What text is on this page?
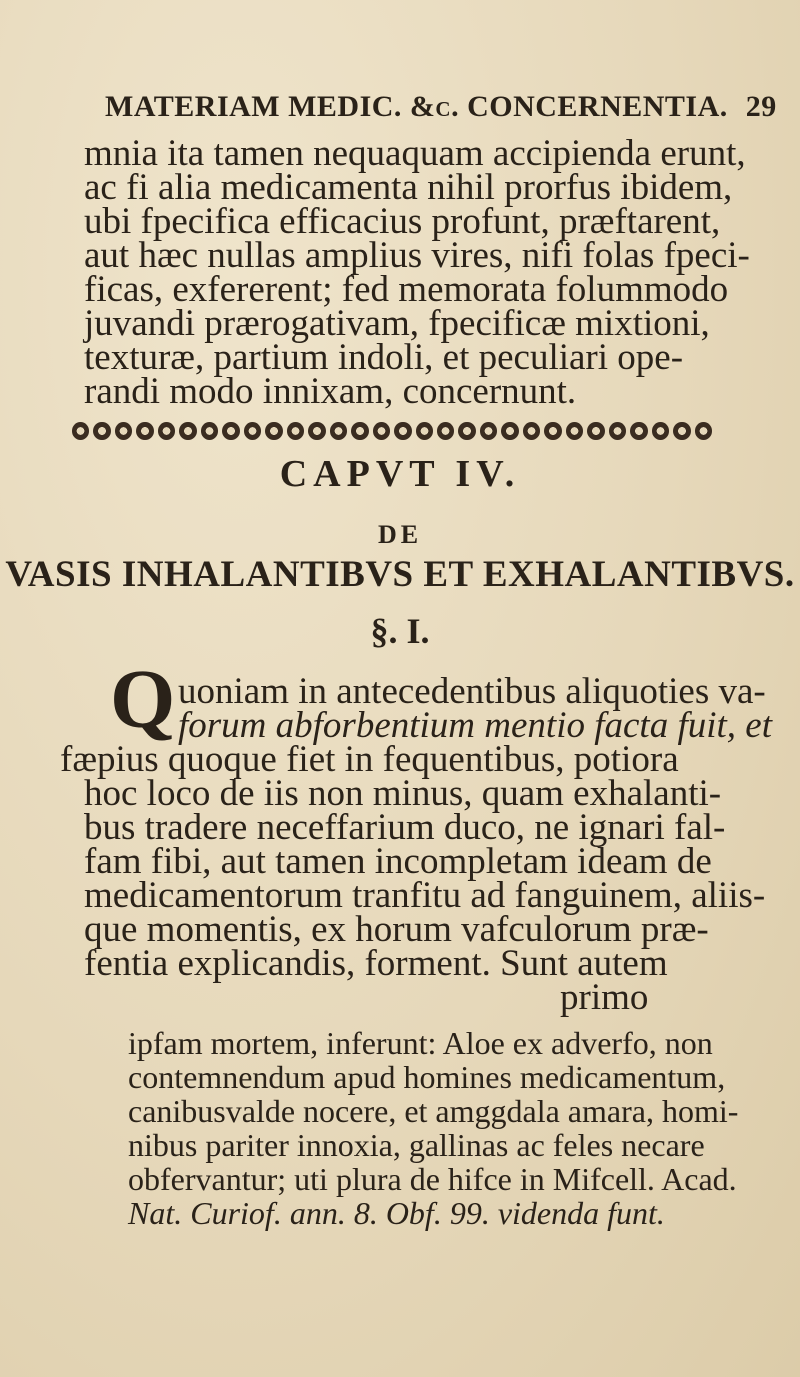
MATERIAM MEDIC. &c. CONCERNENTIA. 29
mnia ita tamen nequaquam accipienda erunt,
ac fi alia medicamenta nihil prorfus ibidem,
ubi fpecifica efficacius profunt, præftarent,
aut hæc nullas amplius vires, nifi folas fpeci-
ficas, exfererent; fed memorata folummodo
juvandi prærogativam, fpecificæ mixtioni,
texturæ, partium indoli, et peculiari ope-
randi modo innixam, concernunt.
CAPVT IV.
DE
VASIS INHALANTIBVS ET EXHALANTIBVS.
§. I.
Q uoniam in antecedentibus aliquoties va-
forum abforbentium mentio facta fuit, et
fæpius quoque fiet in fequentibus, potiora
hoc loco de iis non minus, quam exhalanti-
bus tradere neceffarium duco, ne ignari fal-
fam fibi, aut tamen incompletam ideam de
medicamentorum tranfitu ad fanguinem, aliis-
que momentis, ex horum vafculorum præ-
fentia explicandis, forment. Sunt autem
primo
ipfam mortem, inferunt: Aloe ex adverfo, non
contemnendum apud homines medicamentum,
canibusvalde nocere, et amggdala amara, homi-
nibus pariter innoxia, gallinas ac feles necare
obfervantur; uti plura de hifce in Mifcell. Acad.
Nat. Curiof. ann. 8. Obf. 99. videnda funt.
